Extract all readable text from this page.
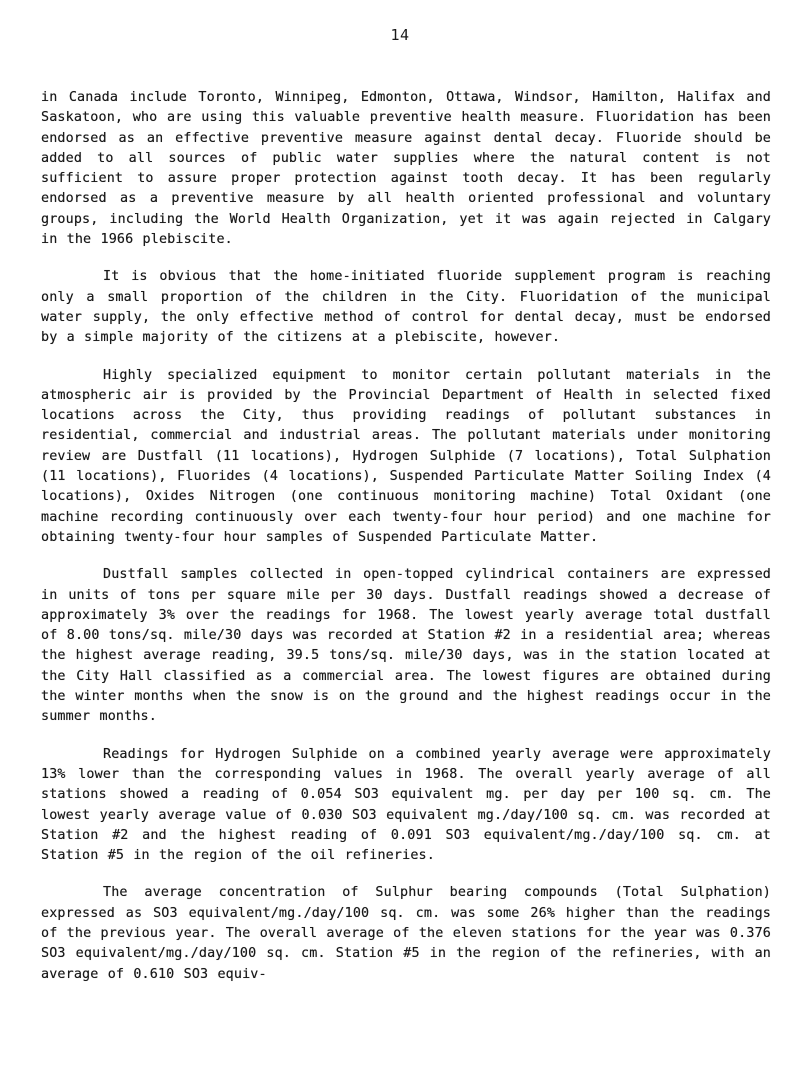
14

in Canada include Toronto, Winnipeg, Edmonton, Ottawa, Windsor, Hamilton, Halifax and Saskatoon, who are using this valuable preventive health measure. Fluoridation has been endorsed as an effective preventive measure against dental decay. Fluoride should be added to all sources of public water supplies where the natural content is not sufficient to assure proper protection against tooth decay. It has been regularly endorsed as a preventive measure by all health oriented professional and voluntary groups, including the World Health Organization, yet it was again rejected in Calgary in the 1966 plebiscite.

It is obvious that the home-initiated fluoride supplement program is reaching only a small proportion of the children in the City. Fluoridation of the municipal water supply, the only effective method of control for dental decay, must be endorsed by a simple majority of the citizens at a plebiscite, however.

Highly specialized equipment to monitor certain pollutant materials in the atmospheric air is provided by the Provincial Department of Health in selected fixed locations across the City, thus providing readings of pollutant substances in residential, commercial and industrial areas. The pollutant materials under monitoring review are Dustfall (11 locations), Hydrogen Sulphide (7 locations), Total Sulphation (11 locations), Fluorides (4 locations), Suspended Particulate Matter Soiling Index (4 locations), Oxides Nitrogen (one continuous monitoring machine) Total Oxidant (one machine recording continuously over each twenty-four hour period) and one machine for obtaining twenty-four hour samples of Suspended Particulate Matter.

Dustfall samples collected in open-topped cylindrical containers are expressed in units of tons per square mile per 30 days. Dustfall readings showed a decrease of approximately 3% over the readings for 1968. The lowest yearly average total dustfall of 8.00 tons/sq. mile/30 days was recorded at Station #2 in a residential area; whereas the highest average reading, 39.5 tons/sq. mile/30 days, was in the station located at the City Hall classified as a commercial area. The lowest figures are obtained during the winter months when the snow is on the ground and the highest readings occur in the summer months.

Readings for Hydrogen Sulphide on a combined yearly average were approximately 13% lower than the corresponding values in 1968. The overall yearly average of all stations showed a reading of 0.054 SO3 equivalent mg. per day per 100 sq. cm. The lowest yearly average value of 0.030 SO3 equivalent mg./day/100 sq. cm. was recorded at Station #2 and the highest reading of 0.091 SO3 equivalent/mg./day/100 sq. cm. at Station #5 in the region of the oil refineries.

The average concentration of Sulphur bearing compounds (Total Sulphation) expressed as SO3 equivalent/mg./day/100 sq. cm. was some 26% higher than the readings of the previous year. The overall average of the eleven stations for the year was 0.376 SO3 equivalent/mg./day/100 sq. cm. Station #5 in the region of the refineries, with an average of 0.610 SO3 equiv-
